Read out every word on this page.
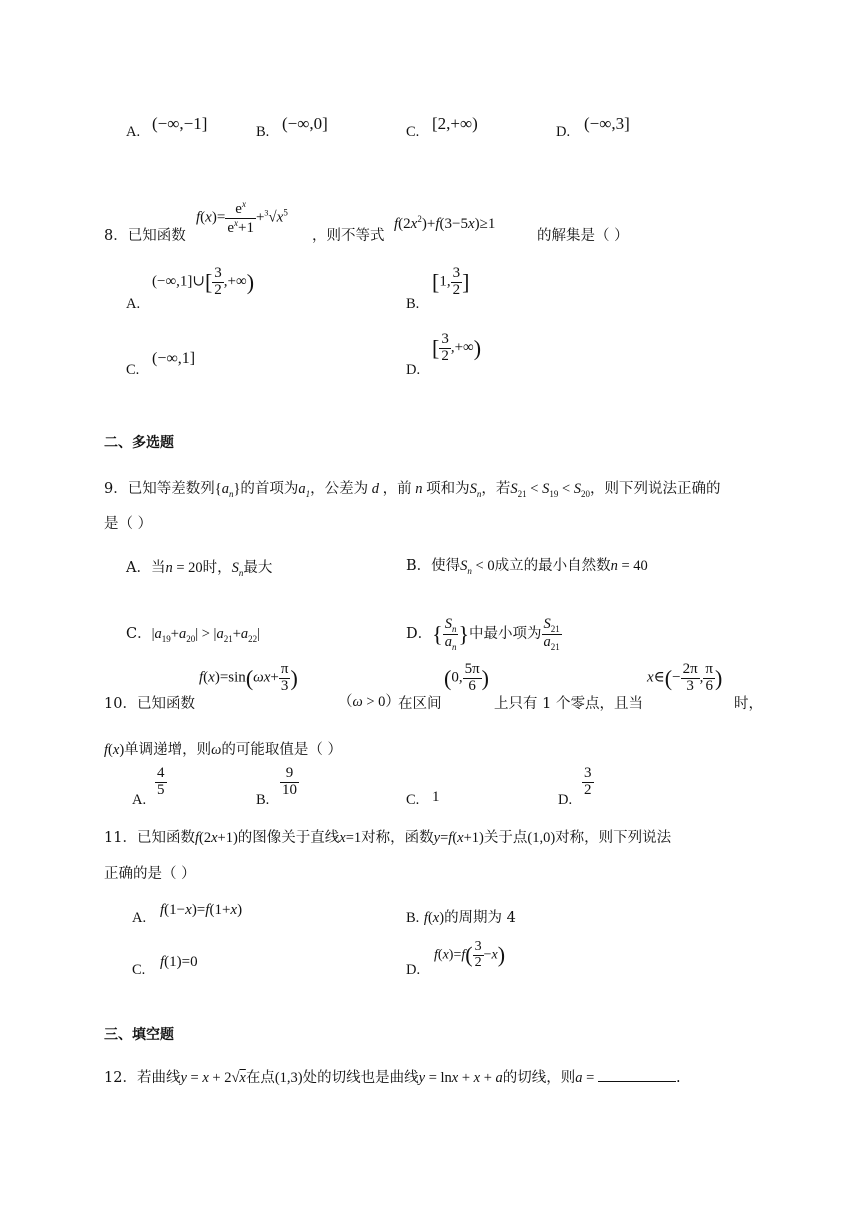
A. (−∞,−1]	B. (−∞,0]	C. [2,+∞)	D. (−∞,3]
8．已知函数
$f(x)= \frac{e^x}{e^x+1} +^3√x^5$
，则不等式
$f(2x^2)+f(3-5x)\ge 1$
的解集是（ ）
A.
(−∞,1]∪[ $\frac{3}{2}$ ,+∞)
B.
[1, $\frac{3}{2}$ ]
C.
(−∞,1]
D.
[ $\frac{3}{2}$ ,+∞)
二、多选题
9．已知等差数列$\{a_n\}$的首项为$a_1$，公差为 d ，前 n 项和为$S_n$，若$S_{21} < S_{19} < S_{20}$，则下列说法正确的
是（ ）
A．当n = 20时，$S_n$最大	B．使得$S_n < 0$成立的最小自然数n = 40
C．$|a_{19}+a_{20}| > |a_{21}+a_{22}|$	D．{ $\frac{S_n}{a_n}$ }中最小项为 $\frac{S_{21}}{a_{21}}$
10．已知函数
$f(x)=\sin(\omega x+ \frac{\pi}{3}$ )
（ω > 0）
在区间
(0, $\frac{5\pi}{6}$ )
上只有 1 个零点，且当
x∈(− $\frac{2\pi}{3}$ , $\frac{\pi}{6}$ )
时，
f(x)单调递增，则ω的可能取值是（ ）
A.
$\frac{4}{5}$
B.
$\frac{9}{10}$
C. 1	D.
$\frac{3}{2}$
11．已知函数f(2x+1)的图像关于直线x=1对称，函数y=f(x+1)关于点(1,0)对称，则下列说法
正确的是（ ）
A. f(1−x)=f(1+x)	B. f(x)的周期为 4
C. f(1)=0	D.
$f(x)=f( \frac{3}{2} -x)$
三、填空题
12．若曲线y = x + 2√x在点(1,3)处的切线也是曲线y = lnx + x + a的切线，则a =	.
